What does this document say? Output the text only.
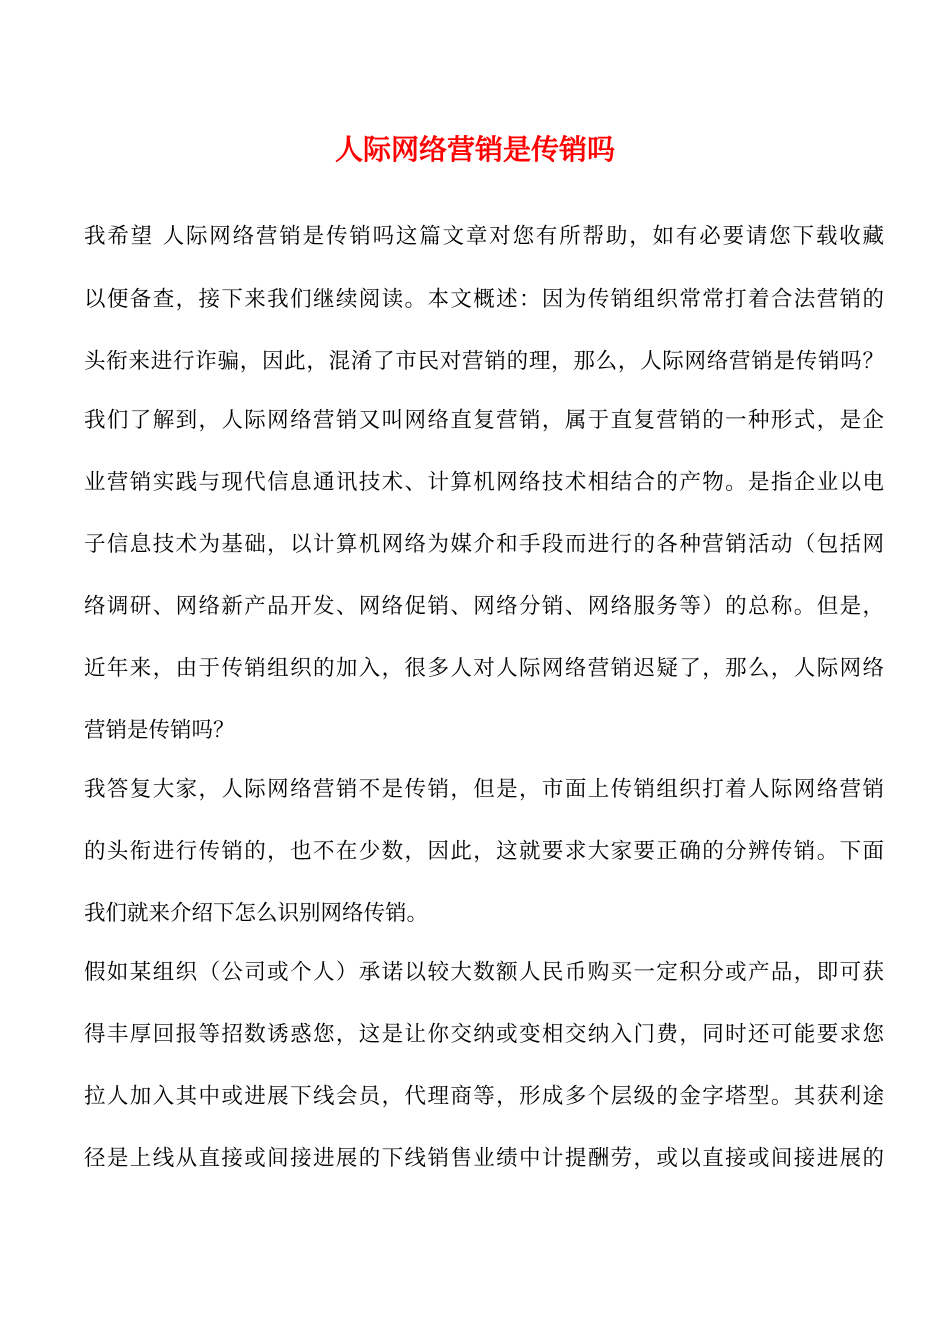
人际网络营销是传销吗
我希望 人际网络营销是传销吗这篇文章对您有所帮助，如有必要请您下载收藏
以便备查，接下来我们继续阅读。本文概述：因为传销组织常常打着合法营销的
头衔来进行诈骗，因此，混淆了市民对营销的理，那么，人际网络营销是传销吗？
我们了解到，人际网络营销又叫网络直复营销，属于直复营销的一种形式，是企
业营销实践与现代信息通讯技术、计算机网络技术相结合的产物。是指企业以电
子信息技术为基础，以计算机网络为媒介和手段而进行的各种营销活动（包括网
络调研、网络新产品开发、网络促销、网络分销、网络服务等）的总称。但是，
近年来，由于传销组织的加入，很多人对人际网络营销迟疑了，那么，人际网络
营销是传销吗？
我答复大家，人际网络营销不是传销，但是，市面上传销组织打着人际网络营销
的头衔进行传销的，也不在少数，因此，这就要求大家要正确的分辨传销。下面
我们就来介绍下怎么识别网络传销。
假如某组织（公司或个人）承诺以较大数额人民币购买一定积分或产品，即可获
得丰厚回报等招数诱惑您，这是让你交纳或变相交纳入门费，同时还可能要求您
拉人加入其中或进展下线会员，代理商等，形成多个层级的金字塔型。其获利途
径是上线从直接或间接进展的下线销售业绩中计提酬劳，或以直接或间接进展的
